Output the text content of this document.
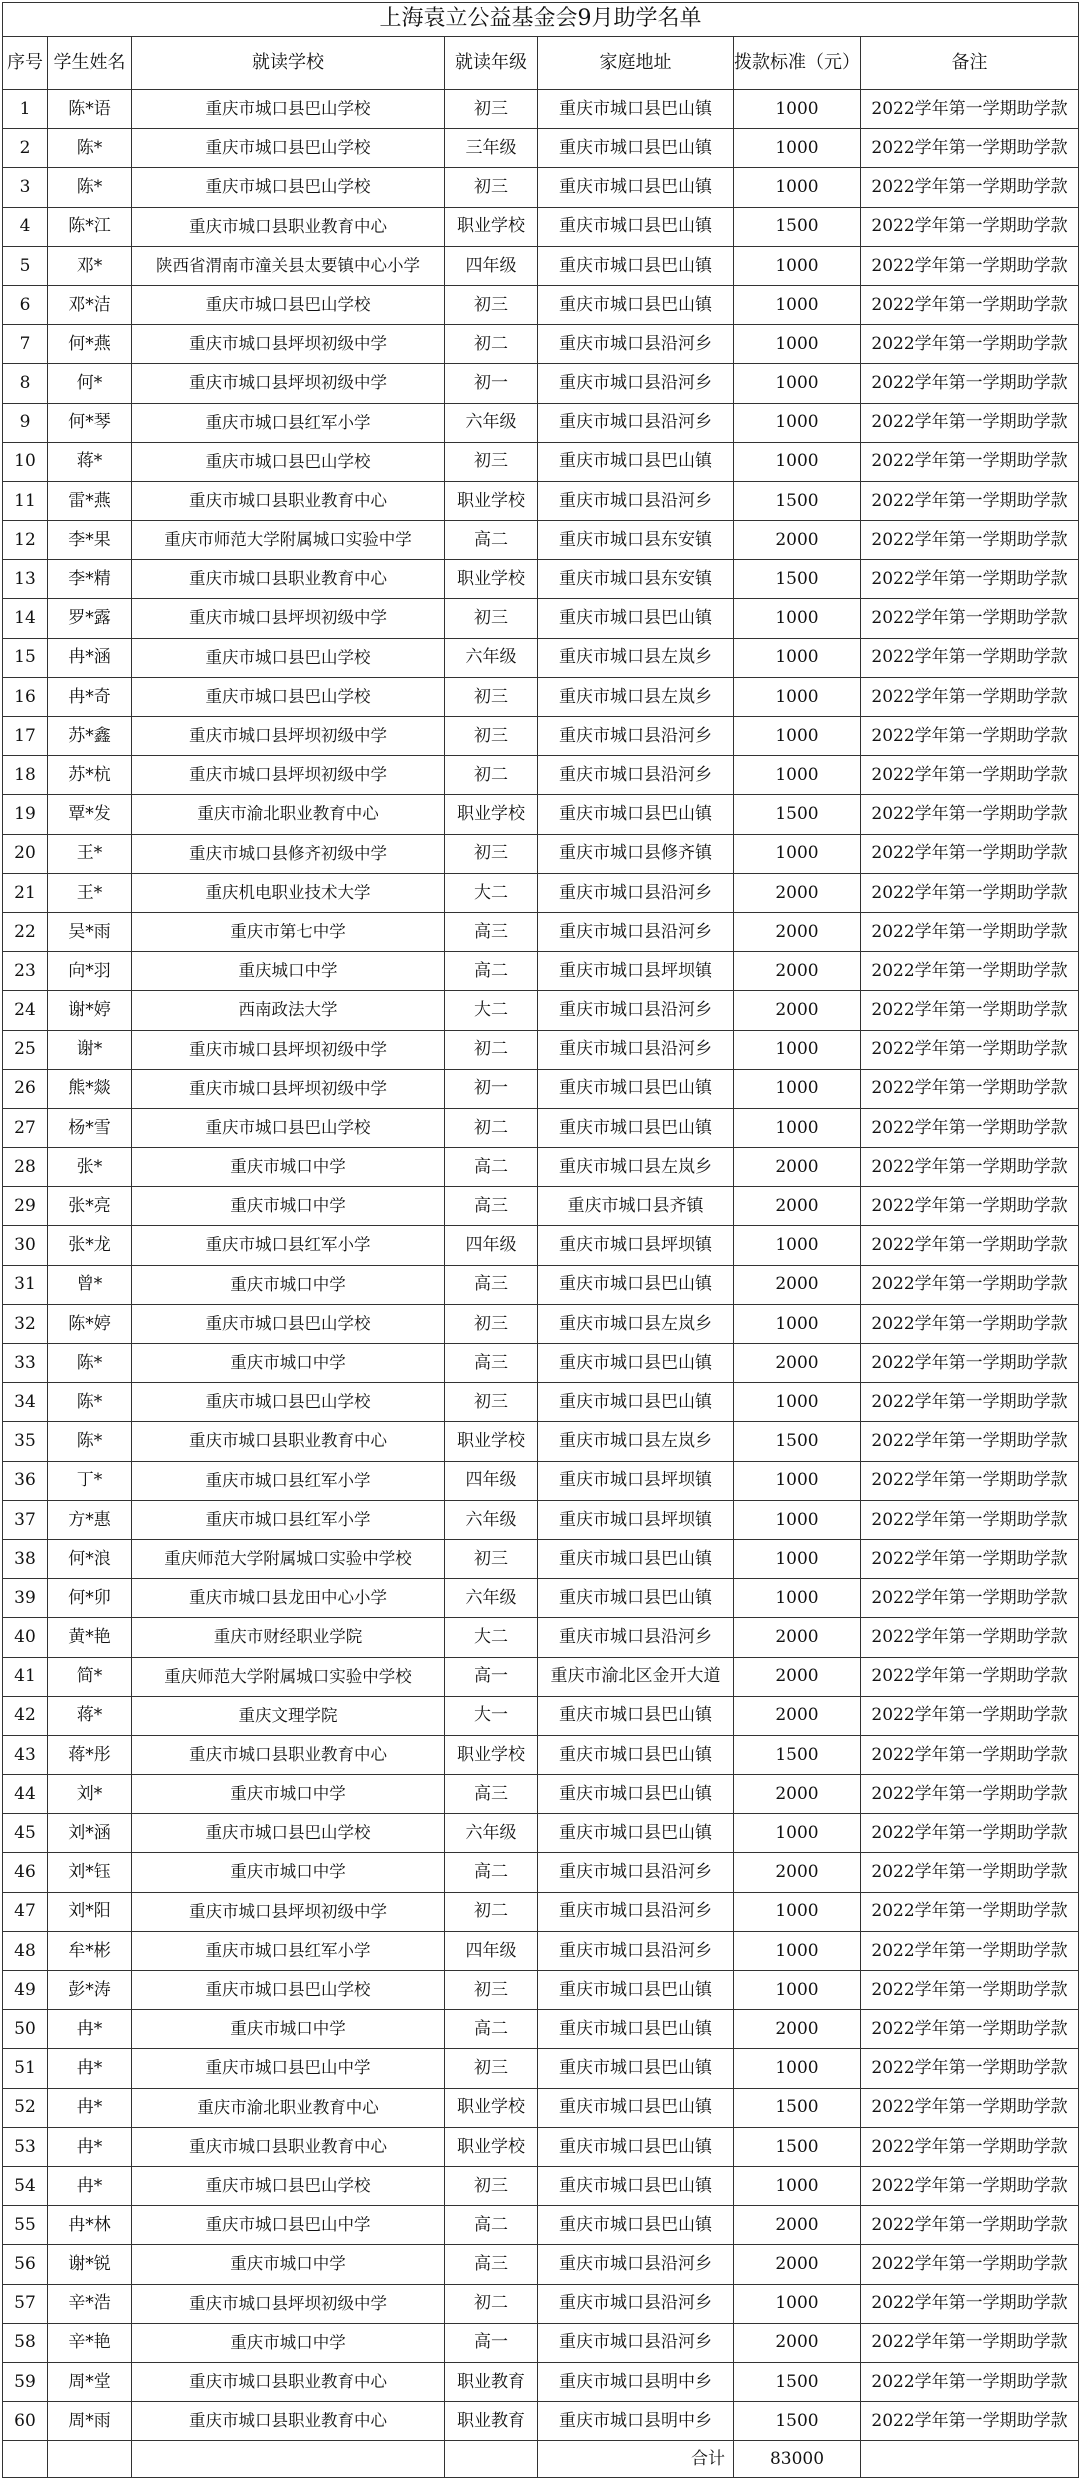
上海袁立公益基金会9月助学名单						
序号	学生姓名	就读学校	就读年级	家庭地址	拨款标准（元）	备注
1	陈*语	重庆市城口县巴山学校	初三	重庆市城口县巴山镇	1000	2022学年第一学期助学款
2	陈*	重庆市城口县巴山学校	三年级	重庆市城口县巴山镇	1000	2022学年第一学期助学款
3	陈*	重庆市城口县巴山学校	初三	重庆市城口县巴山镇	1000	2022学年第一学期助学款
4	陈*江	重庆市城口县职业教育中心	职业学校	重庆市城口县巴山镇	1500	2022学年第一学期助学款
5	邓*	陕西省渭南市潼关县太要镇中心小学	四年级	重庆市城口县巴山镇	1000	2022学年第一学期助学款
6	邓*洁	重庆市城口县巴山学校	初三	重庆市城口县巴山镇	1000	2022学年第一学期助学款
7	何*燕	重庆市城口县坪坝初级中学	初二	重庆市城口县沿河乡	1000	2022学年第一学期助学款
8	何*	重庆市城口县坪坝初级中学	初一	重庆市城口县沿河乡	1000	2022学年第一学期助学款
9	何*琴	重庆市城口县红军小学	六年级	重庆市城口县沿河乡	1000	2022学年第一学期助学款
10	蒋*	重庆市城口县巴山学校	初三	重庆市城口县巴山镇	1000	2022学年第一学期助学款
11	雷*燕	重庆市城口县职业教育中心	职业学校	重庆市城口县沿河乡	1500	2022学年第一学期助学款
12	李*果	重庆市师范大学附属城口实验中学	高二	重庆市城口县东安镇	2000	2022学年第一学期助学款
13	李*精	重庆市城口县职业教育中心	职业学校	重庆市城口县东安镇	1500	2022学年第一学期助学款
14	罗*露	重庆市城口县坪坝初级中学	初三	重庆市城口县巴山镇	1000	2022学年第一学期助学款
15	冉*涵	重庆市城口县巴山学校	六年级	重庆市城口县左岚乡	1000	2022学年第一学期助学款
16	冉*奇	重庆市城口县巴山学校	初三	重庆市城口县左岚乡	1000	2022学年第一学期助学款
17	苏*鑫	重庆市城口县坪坝初级中学	初三	重庆市城口县沿河乡	1000	2022学年第一学期助学款
18	苏*杭	重庆市城口县坪坝初级中学	初二	重庆市城口县沿河乡	1000	2022学年第一学期助学款
19	覃*发	重庆市渝北职业教育中心	职业学校	重庆市城口县巴山镇	1500	2022学年第一学期助学款
20	王*	重庆市城口县修齐初级中学	初三	重庆市城口县修齐镇	1000	2022学年第一学期助学款
21	王*	重庆机电职业技术大学	大二	重庆市城口县沿河乡	2000	2022学年第一学期助学款
22	吴*雨	重庆市第七中学	高三	重庆市城口县沿河乡	2000	2022学年第一学期助学款
23	向*羽	重庆城口中学	高二	重庆市城口县坪坝镇	2000	2022学年第一学期助学款
24	谢*婷	西南政法大学	大二	重庆市城口县沿河乡	2000	2022学年第一学期助学款
25	谢*	重庆市城口县坪坝初级中学	初二	重庆市城口县沿河乡	1000	2022学年第一学期助学款
26	熊*燚	重庆市城口县坪坝初级中学	初一	重庆市城口县巴山镇	1000	2022学年第一学期助学款
27	杨*雪	重庆市城口县巴山学校	初二	重庆市城口县巴山镇	1000	2022学年第一学期助学款
28	张*	重庆市城口中学	高二	重庆市城口县左岚乡	2000	2022学年第一学期助学款
29	张*亮	重庆市城口中学	高三	重庆市城口县齐镇	2000	2022学年第一学期助学款
30	张*龙	重庆市城口县红军小学	四年级	重庆市城口县坪坝镇	1000	2022学年第一学期助学款
31	曾*	重庆市城口中学	高三	重庆市城口县巴山镇	2000	2022学年第一学期助学款
32	陈*婷	重庆市城口县巴山学校	初三	重庆市城口县左岚乡	1000	2022学年第一学期助学款
33	陈*	重庆市城口中学	高三	重庆市城口县巴山镇	2000	2022学年第一学期助学款
34	陈*	重庆市城口县巴山学校	初三	重庆市城口县巴山镇	1000	2022学年第一学期助学款
35	陈*	重庆市城口县职业教育中心	职业学校	重庆市城口县左岚乡	1500	2022学年第一学期助学款
36	丁*	重庆市城口县红军小学	四年级	重庆市城口县坪坝镇	1000	2022学年第一学期助学款
37	方*惠	重庆市城口县红军小学	六年级	重庆市城口县坪坝镇	1000	2022学年第一学期助学款
38	何*浪	重庆师范大学附属城口实验中学校	初三	重庆市城口县巴山镇	1000	2022学年第一学期助学款
39	何*卯	重庆市城口县龙田中心小学	六年级	重庆市城口县巴山镇	1000	2022学年第一学期助学款
40	黄*艳	重庆市财经职业学院	大二	重庆市城口县沿河乡	2000	2022学年第一学期助学款
41	简*	重庆师范大学附属城口实验中学校	高一	重庆市渝北区金开大道	2000	2022学年第一学期助学款
42	蒋*	重庆文理学院	大一	重庆市城口县巴山镇	2000	2022学年第一学期助学款
43	蒋*彤	重庆市城口县职业教育中心	职业学校	重庆市城口县巴山镇	1500	2022学年第一学期助学款
44	刘*	重庆市城口中学	高三	重庆市城口县巴山镇	2000	2022学年第一学期助学款
45	刘*涵	重庆市城口县巴山学校	六年级	重庆市城口县巴山镇	1000	2022学年第一学期助学款
46	刘*钰	重庆市城口中学	高二	重庆市城口县沿河乡	2000	2022学年第一学期助学款
47	刘*阳	重庆市城口县坪坝初级中学	初二	重庆市城口县沿河乡	1000	2022学年第一学期助学款
48	牟*彬	重庆市城口县红军小学	四年级	重庆市城口县沿河乡	1000	2022学年第一学期助学款
49	彭*涛	重庆市城口县巴山学校	初三	重庆市城口县巴山镇	1000	2022学年第一学期助学款
50	冉*	重庆市城口中学	高二	重庆市城口县巴山镇	2000	2022学年第一学期助学款
51	冉*	重庆市城口县巴山中学	初三	重庆市城口县巴山镇	1000	2022学年第一学期助学款
52	冉*	重庆市渝北职业教育中心	职业学校	重庆市城口县巴山镇	1500	2022学年第一学期助学款
53	冉*	重庆市城口县职业教育中心	职业学校	重庆市城口县巴山镇	1500	2022学年第一学期助学款
54	冉*	重庆市城口县巴山学校	初三	重庆市城口县巴山镇	1000	2022学年第一学期助学款
55	冉*林	重庆市城口县巴山中学	高二	重庆市城口县巴山镇	2000	2022学年第一学期助学款
56	谢*锐	重庆市城口中学	高三	重庆市城口县沿河乡	2000	2022学年第一学期助学款
57	辛*浩	重庆市城口县坪坝初级中学	初二	重庆市城口县沿河乡	1000	2022学年第一学期助学款
58	辛*艳	重庆市城口中学	高一	重庆市城口县沿河乡	2000	2022学年第一学期助学款
59	周*堂	重庆市城口县职业教育中心	职业教育	重庆市城口县明中乡	1500	2022学年第一学期助学款
60	周*雨	重庆市城口县职业教育中心	职业教育	重庆市城口县明中乡	1500	2022学年第一学期助学款
				合计	83000	
